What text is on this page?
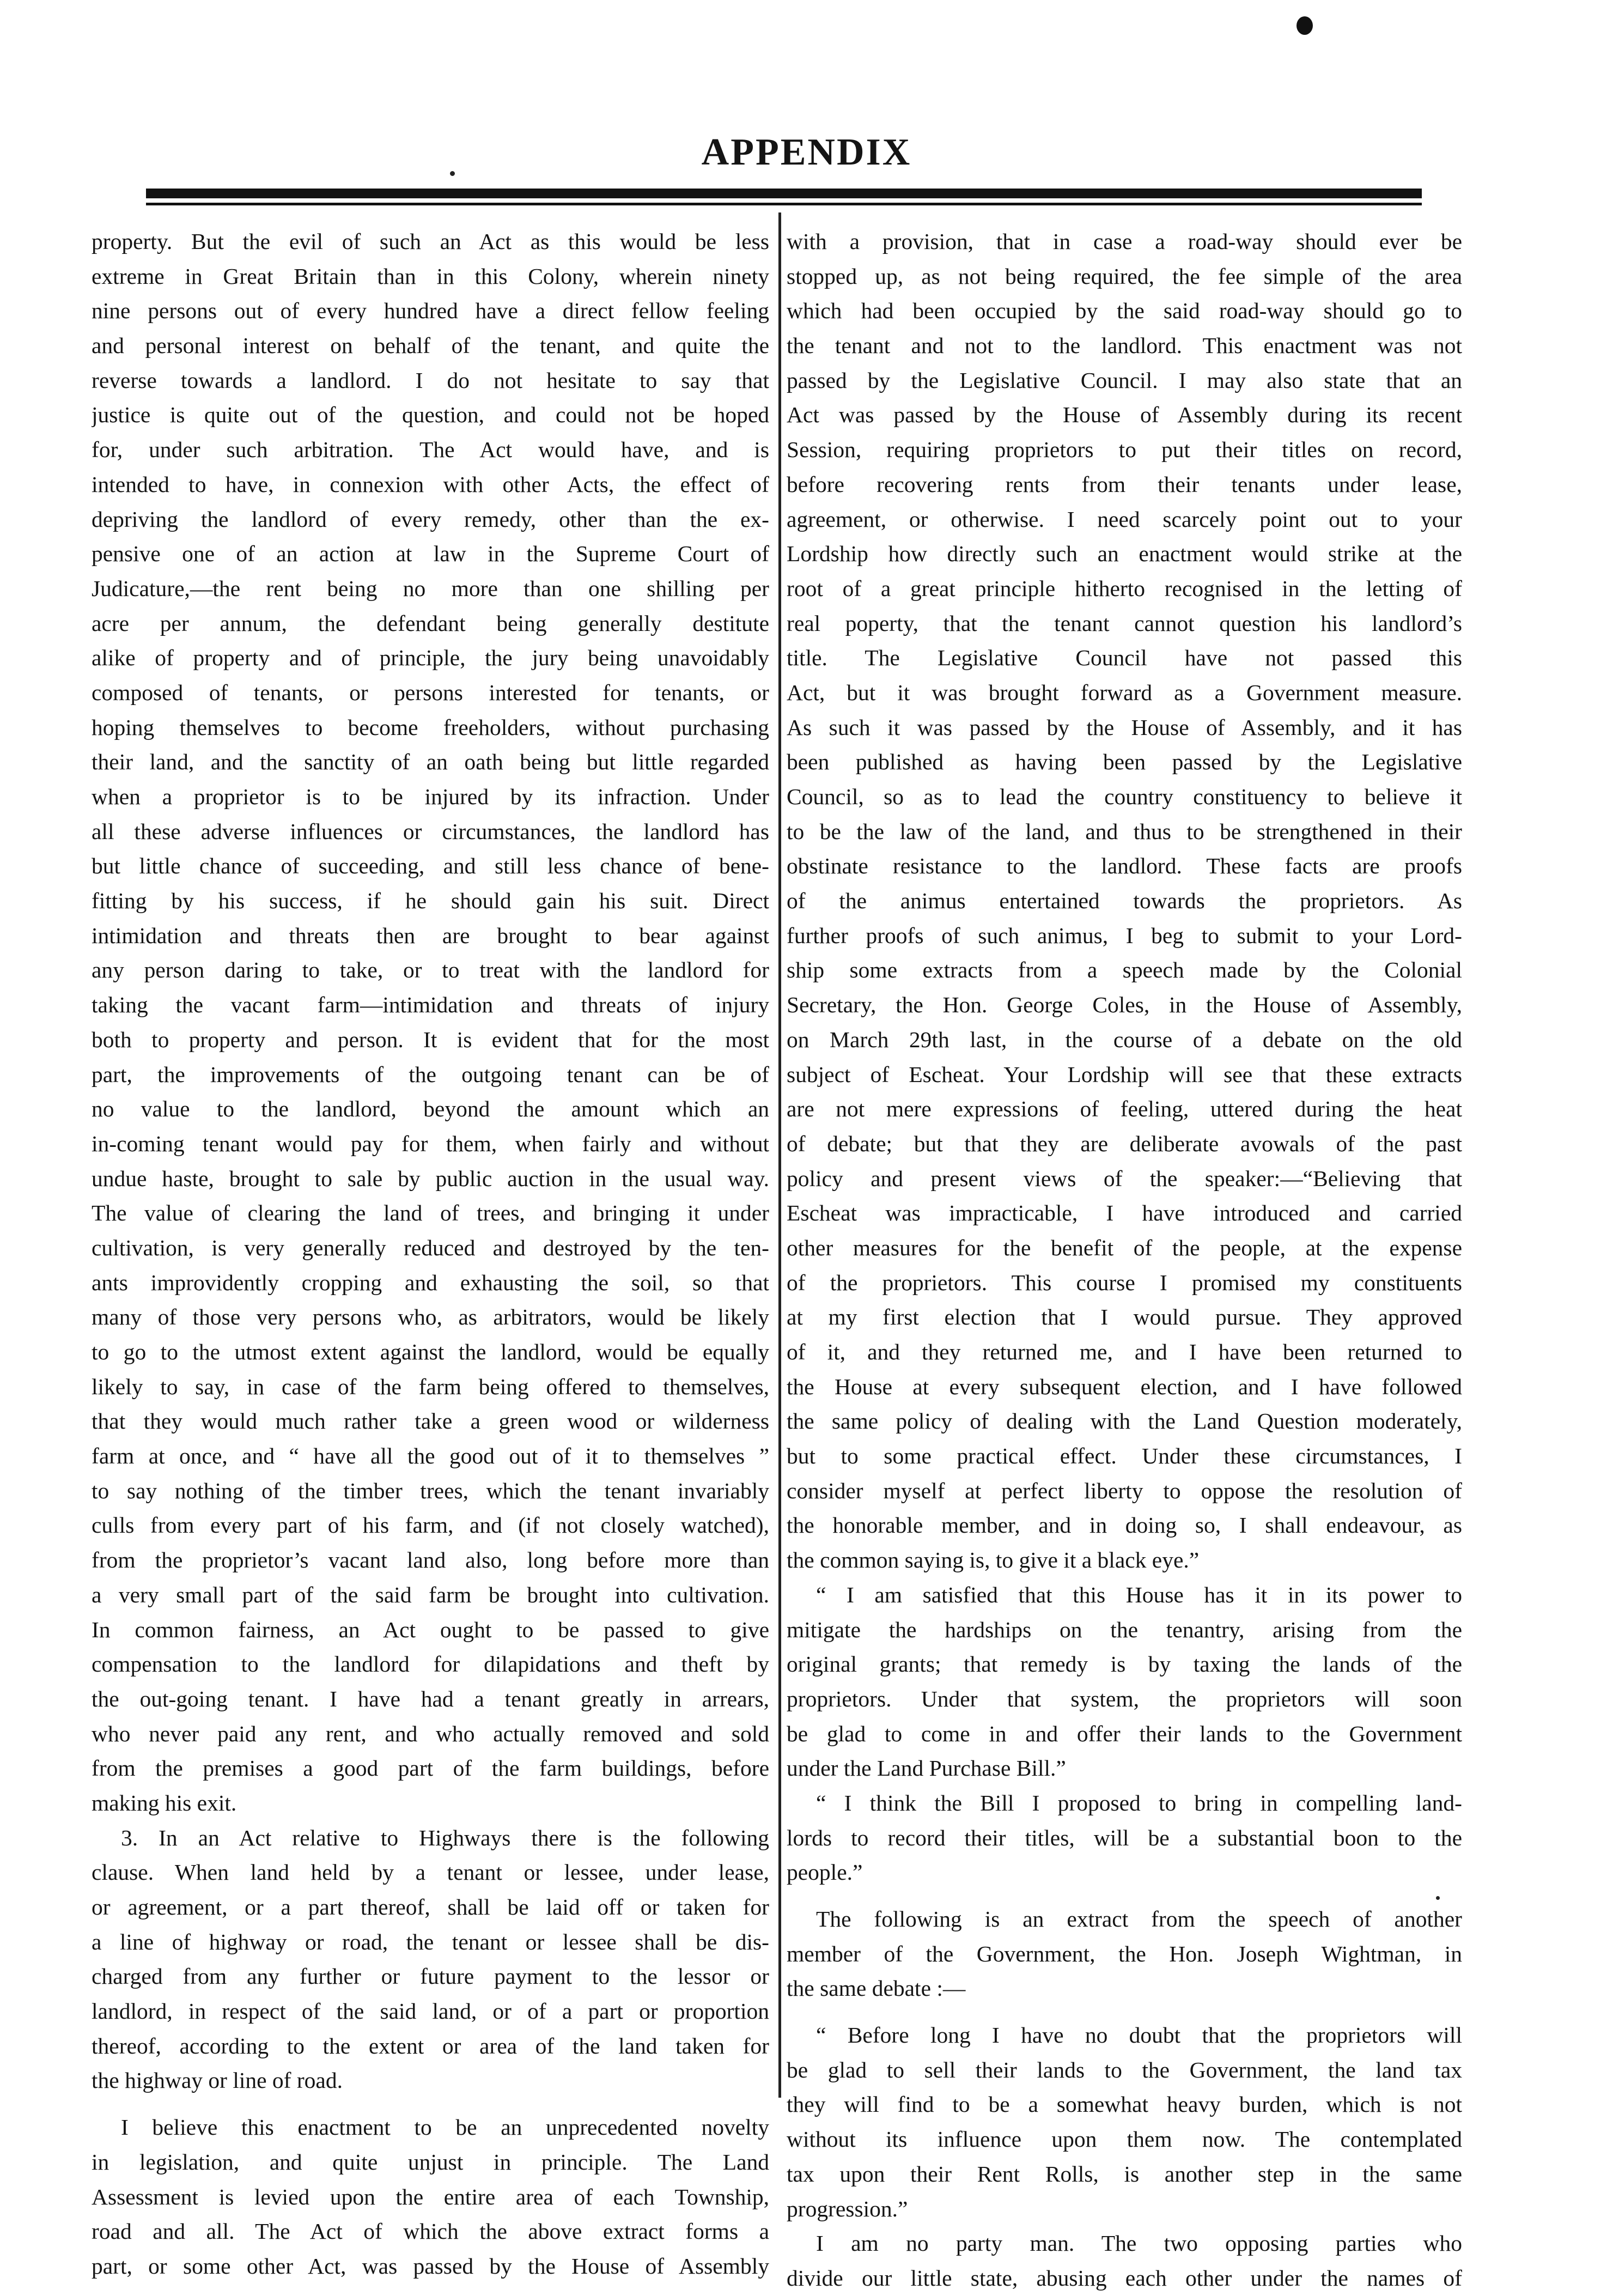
APPENDIX
property. But the evil of such an Act as this would be less
extreme in Great Britain than in this Colony, wherein ninety
nine persons out of every hundred have a direct fellow feeling
and personal interest on behalf of the tenant, and quite the
reverse towards a landlord. I do not hesitate to say that
justice is quite out of the question, and could not be hoped
for, under such arbitration. The Act would have, and is
intended to have, in connexion with other Acts, the effect of
depriving the landlord of every remedy, other than the ex-
pensive one of an action at law in the Supreme Court of
Judicature,—the rent being no more than one shilling per
acre per annum, the defendant being generally destitute
alike of property and of principle, the jury being unavoidably
composed of tenants, or persons interested for tenants, or
hoping themselves to become freeholders, without purchasing
their land, and the sanctity of an oath being but little regarded
when a proprietor is to be injured by its infraction. Under
all these adverse influences or circumstances, the landlord has
but little chance of succeeding, and still less chance of bene-
fitting by his success, if he should gain his suit. Direct
intimidation and threats then are brought to bear against
any person daring to take, or to treat with the landlord for
taking the vacant farm—intimidation and threats of injury
both to property and person. It is evident that for the most
part, the improvements of the outgoing tenant can be of
no value to the landlord, beyond the amount which an
in-coming tenant would pay for them, when fairly and without
undue haste, brought to sale by public auction in the usual way.
The value of clearing the land of trees, and bringing it under
cultivation, is very generally reduced and destroyed by the ten-
ants improvidently cropping and exhausting the soil, so that
many of those very persons who, as arbitrators, would be likely
to go to the utmost extent against the landlord, would be equally
likely to say, in case of the farm being offered to themselves,
that they would much rather take a green wood or wilderness
farm at once, and “ have all the good out of it to themselves ”
to say nothing of the timber trees, which the tenant invariably
culls from every part of his farm, and (if not closely watched),
from the proprietor’s vacant land also, long before more than
a very small part of the said farm be brought into cultivation.
In common fairness, an Act ought to be passed to give
compensation to the landlord for dilapidations and theft by
the out-going tenant. I have had a tenant greatly in arrears,
who never paid any rent, and who actually removed and sold
from the premises a good part of the farm buildings, before
making his exit.
3. In an Act relative to Highways there is the following
clause. When land held by a tenant or lessee, under lease,
or agreement, or a part thereof, shall be laid off or taken for
a line of highway or road, the tenant or lessee shall be dis-
charged from any further or future payment to the lessor or
landlord, in respect of the said land, or of a part or proportion
thereof, according to the extent or area of the land taken for
the highway or line of road.
I believe this enactment to be an unprecedented novelty
in legislation, and quite unjust in principle. The Land
Assessment is levied upon the entire area of each Township,
road and all. The Act of which the above extract forms a
part, or some other Act, was passed by the House of Assembly
with a provision, that in case a road-way should ever be
stopped up, as not being required, the fee simple of the area
which had been occupied by the said road-way should go to
the tenant and not to the landlord. This enactment was not
passed by the Legislative Council. I may also state that an
Act was passed by the House of Assembly during its recent
Session, requiring proprietors to put their titles on record,
before recovering rents from their tenants under lease,
agreement, or otherwise. I need scarcely point out to your
Lordship how directly such an enactment would strike at the
root of a great principle hitherto recognised in the letting of
real poperty, that the tenant cannot question his landlord’s
title. The Legislative Council have not passed this
Act, but it was brought forward as a Government measure.
As such it was passed by the House of Assembly, and it has
been published as having been passed by the Legislative
Council, so as to lead the country constituency to believe it
to be the law of the land, and thus to be strengthened in their
obstinate resistance to the landlord. These facts are proofs
of the animus entertained towards the proprietors. As
further proofs of such animus, I beg to submit to your Lord-
ship some extracts from a speech made by the Colonial
Secretary, the Hon. George Coles, in the House of Assembly,
on March 29th last, in the course of a debate on the old
subject of Escheat. Your Lordship will see that these extracts
are not mere expressions of feeling, uttered during the heat
of debate; but that they are deliberate avowals of the past
policy and present views of the speaker:—“Believing that
Escheat was impracticable, I have introduced and carried
other measures for the benefit of the people, at the expense
of the proprietors. This course I promised my constituents
at my first election that I would pursue. They approved
of it, and they returned me, and I have been returned to
the House at every subsequent election, and I have followed
the same policy of dealing with the Land Question moderately,
but to some practical effect. Under these circumstances, I
consider myself at perfect liberty to oppose the resolution of
the honorable member, and in doing so, I shall endeavour, as
the common saying is, to give it a black eye.”
“ I am satisfied that this House has it in its power to
mitigate the hardships on the tenantry, arising from the
original grants; that remedy is by taxing the lands of the
proprietors. Under that system, the proprietors will soon
be glad to come in and offer their lands to the Government
under the Land Purchase Bill.”
“ I think the Bill I proposed to bring in compelling land-
lords to record their titles, will be a substantial boon to the
people.”
The following is an extract from the speech of another
member of the Government, the Hon. Joseph Wightman, in
the same debate :—
“ Before long I have no doubt that the proprietors will
be glad to sell their lands to the Government, the land tax
they will find to be a somewhat heavy burden, which is not
without its influence upon them now. The contemplated
tax upon their Rent Rolls, is another step in the same
progression.”
I am no party man. The two opposing parties who
divide our little state, abusing each other under the names of
